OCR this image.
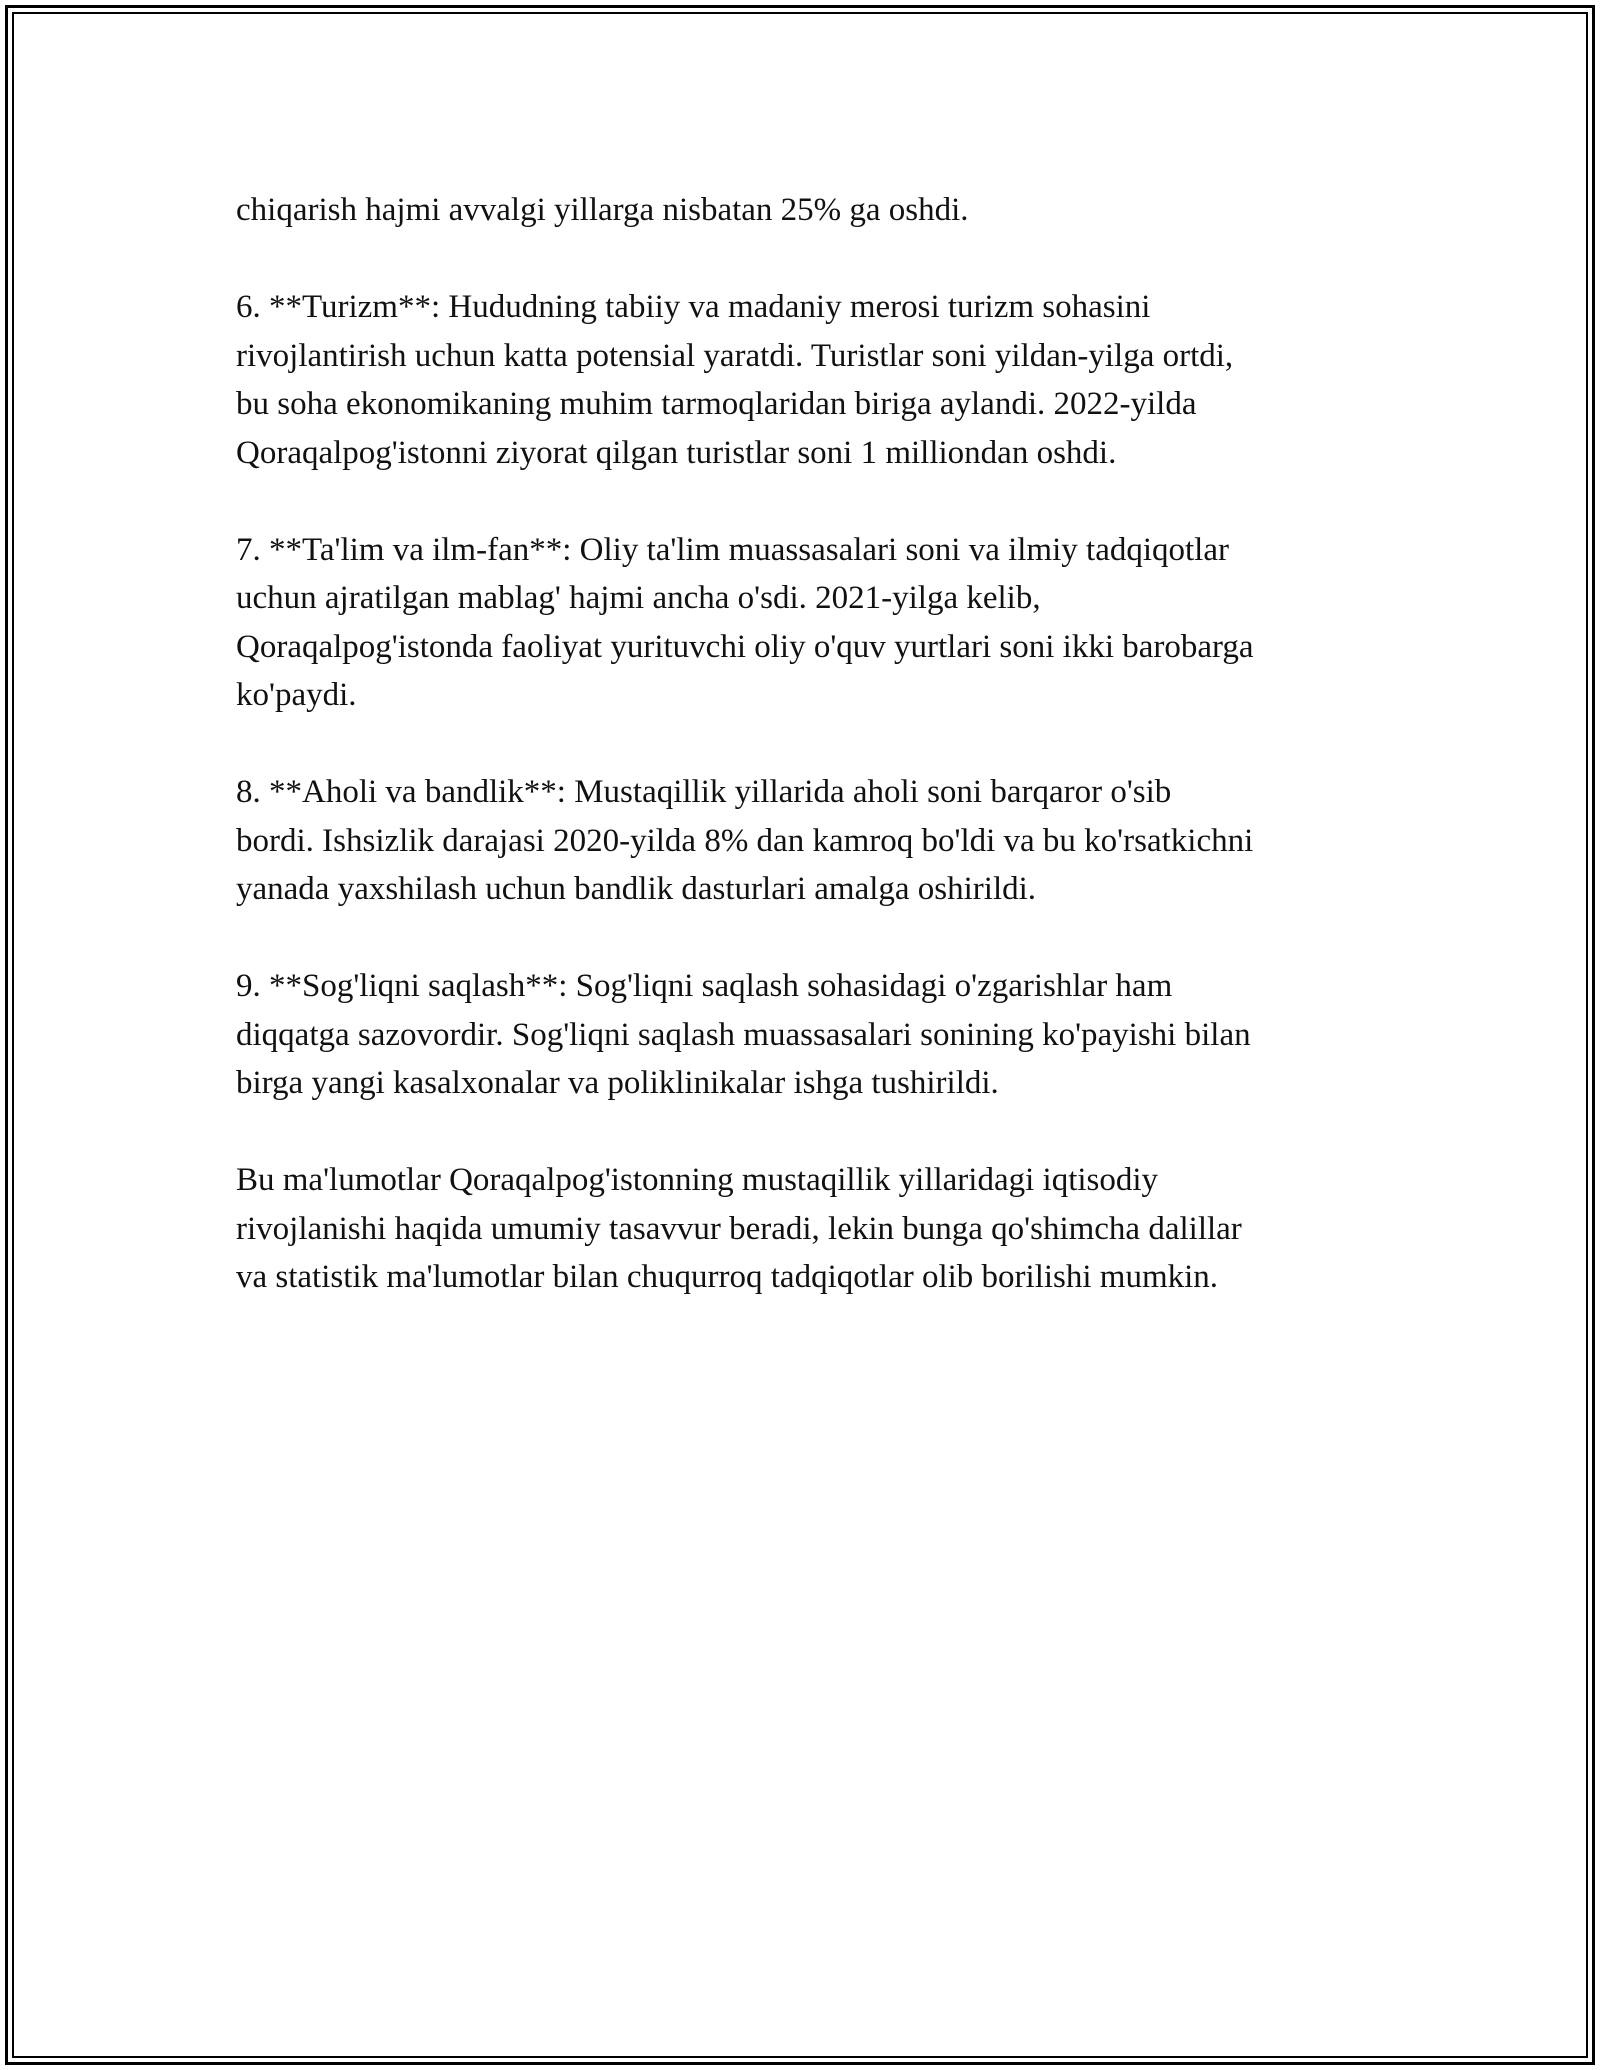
chiqarish hajmi avvalgi yillarga nisbatan 25% ga oshdi.

6. **Turizm**: Hududning tabiiy va madaniy merosi turizm sohasini
rivojlantirish uchun katta potensial yaratdi. Turistlar soni yildan-yilga ortdi,
bu soha ekonomikaning muhim tarmoqlaridan biriga aylandi. 2022-yilda
Qoraqalpog'istonni ziyorat qilgan turistlar soni 1 milliondan oshdi.

7. **Ta'lim va ilm-fan**: Oliy ta'lim muassasalari soni va ilmiy tadqiqotlar
uchun ajratilgan mablag' hajmi ancha o'sdi. 2021-yilga kelib,
Qoraqalpog'istonda faoliyat yurituvchi oliy o'quv yurtlari soni ikki barobarga
ko'paydi.

8. **Aholi va bandlik**: Mustaqillik yillarida aholi soni barqaror o'sib
bordi. Ishsizlik darajasi 2020-yilda 8% dan kamroq bo'ldi va bu ko'rsatkichni
yanada yaxshilash uchun bandlik dasturlari amalga oshirildi.

9. **Sog'liqni saqlash**: Sog'liqni saqlash sohasidagi o'zgarishlar ham
diqqatga sazovordir. Sog'liqni saqlash muassasalari sonining ko'payishi bilan
birga yangi kasalxonalar va poliklinikalar ishga tushirildi.

Bu ma'lumotlar Qoraqalpog'istonning mustaqillik yillaridagi iqtisodiy
rivojlanishi haqida umumiy tasavvur beradi, lekin bunga qo'shimcha dalillar
va statistik ma'lumotlar bilan chuqurroq tadqiqotlar olib borilishi mumkin.
